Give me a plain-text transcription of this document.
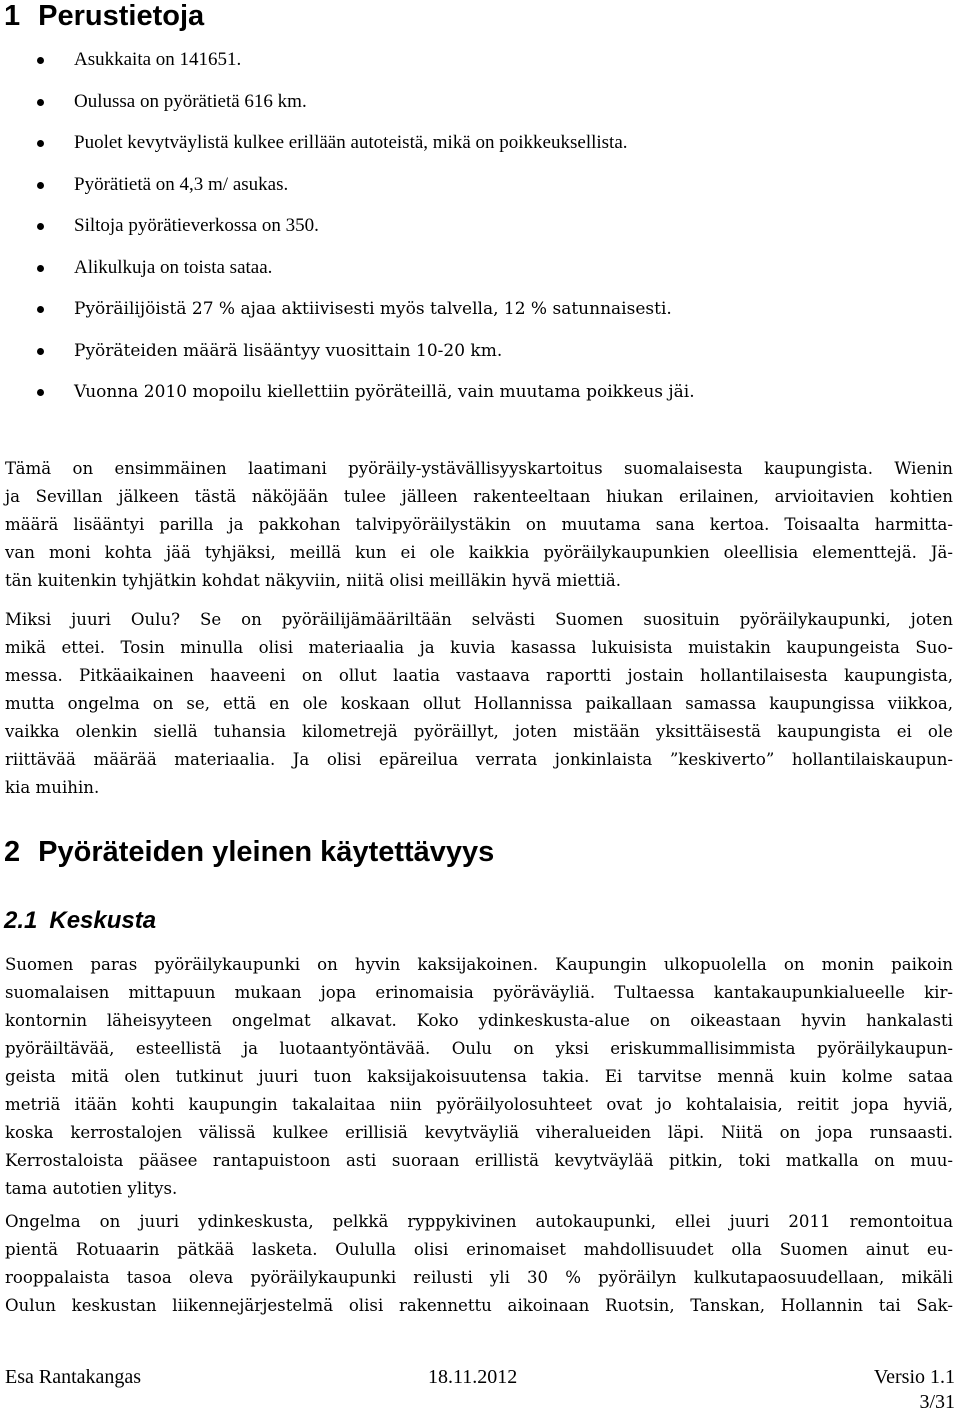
1 Perustietoja
Asukkaita on 141651.
Oulussa on pyörätietä 616 km.
Puolet kevytväylistä kulkee erillään autoteistä, mikä on poikkeuksellista.
Pyörätietä on 4,3 m/ asukas.
Siltoja pyörätieverkossa on 350.
Alikulkuja on toista sataa.
Pyöräilijöistä 27 % ajaa aktiivisesti myös talvella, 12 % satunnaisesti.
Pyöräteiden määrä lisääntyy vuosittain 10-20 km.
Vuonna 2010 mopoilu kiellettiin pyöräteillä, vain muutama poikkeus jäi.
Tämä on ensimmäinen laatimani pyöräily-ystävällisyyskartoitus suomalaisesta kaupungista. Wienin
ja Sevillan jälkeen tästä näköjään tulee jälleen rakenteeltaan hiukan erilainen, arvioitavien kohtien
määrä lisääntyi parilla ja pakkohan talvipyöräilystäkin on muutama sana kertoa. Toisaalta harmitta-
van moni kohta jää tyhjäksi, meillä kun ei ole kaikkia pyöräilykaupunkien oleellisia elementtejä. Jä-
tän kuitenkin tyhjätkin kohdat näkyviin, niitä olisi meilläkin hyvä miettiä.
Miksi juuri Oulu? Se on pyöräilijämääriltään selvästi Suomen suosituin pyöräilykaupunki, joten
mikä ettei. Tosin minulla olisi materiaalia ja kuvia kasassa lukuisista muistakin kaupungeista Suo-
messa. Pitkäaikainen haaveeni on ollut laatia vastaava raportti jostain hollantilaisesta kaupungista,
mutta ongelma on se, että en ole koskaan ollut Hollannissa paikallaan samassa kaupungissa viikkoa,
vaikka olenkin siellä tuhansia kilometrejä pyöräillyt, joten mistään yksittäisestä kaupungista ei ole
riittävää määrää materiaalia. Ja olisi epäreilua verrata jonkinlaista ”keskiverto” hollantilaiskaupun-
kia muihin.
2 Pyöräteiden yleinen käytettävyys
2.1 Keskusta
Suomen paras pyöräilykaupunki on hyvin kaksijakoinen. Kaupungin ulkopuolella on monin paikoin
suomalaisen mittapuun mukaan jopa erinomaisia pyöräväyliä. Tultaessa kantakaupunkialueelle kir-
kontornin läheisyyteen ongelmat alkavat. Koko ydinkeskusta-alue on oikeastaan hyvin hankalasti
pyöräiltävää, esteellistä ja luotaantyöntävää. Oulu on yksi eriskummallisimmista pyöräilykaupun-
geista mitä olen tutkinut juuri tuon kaksijakoisuutensa takia. Ei tarvitse mennä kuin kolme sataa
metriä itään kohti kaupungin takalaitaa niin pyöräilyolosuhteet ovat jo kohtalaisia, reitit jopa hyviä,
koska kerrostalojen välissä kulkee erillisiä kevytväyliä viheralueiden läpi. Niitä on jopa runsaasti.
Kerrostaloista pääsee rantapuistoon asti suoraan erillistä kevytväylää pitkin, toki matkalla on muu-
tama autotien ylitys.
Ongelma on juuri ydinkeskusta, pelkkä ryppykivinen autokaupunki, ellei juuri 2011 remontoitua
pientä Rotuaarin pätkää lasketa. Oululla olisi erinomaiset mahdollisuudet olla Suomen ainut eu-
rooppalaista tasoa oleva pyöräilykaupunki reilusti yli 30 % pyöräilyn kulkutapaosuudellaan, mikäli
Oulun keskustan liikennejärjestelmä olisi rakennettu aikoinaan Ruotsin, Tanskan, Hollannin tai Sak-
Esa Rantakangas	18.11.2012	Versio 1.1
3/31
